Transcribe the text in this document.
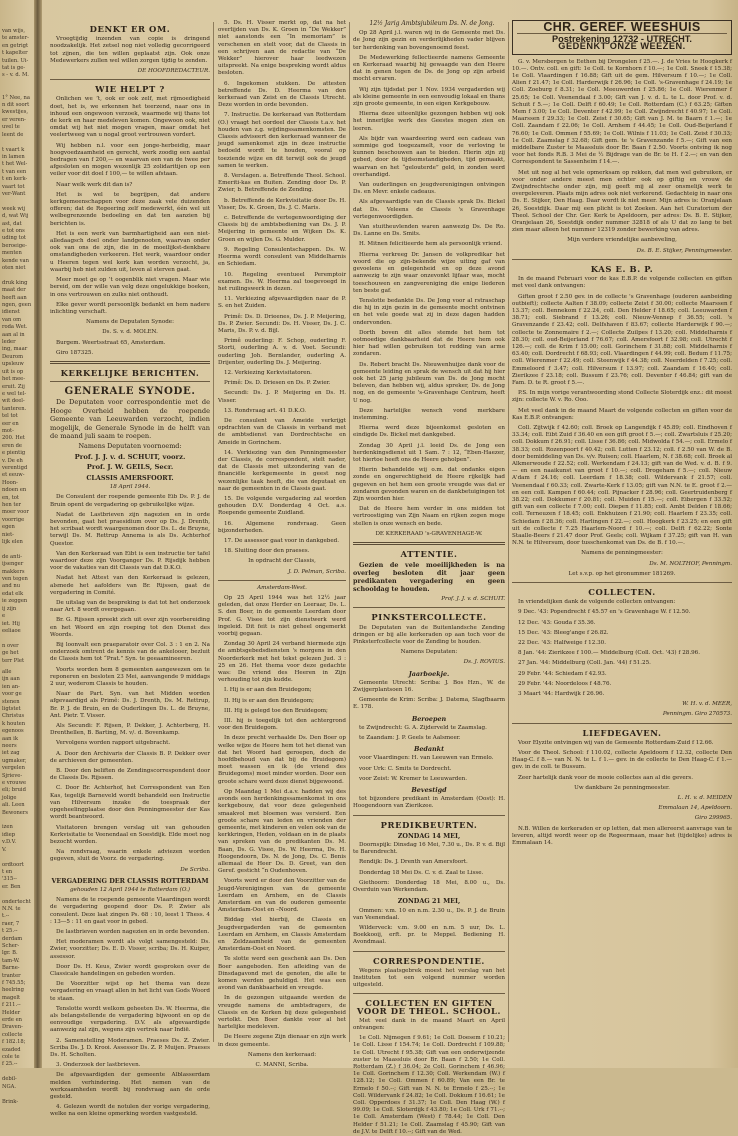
van wijs,
te amster-
en getrigt
t kapelter
tuilen. Ui-
tat is ge-
s - v. d. M.

1° Nee, na
n dit soort
kwestijes,
er veren-
uvel te
leent de

t vaart k
in lamen
t het Wel-
t van een
t en kerk-
vaart tot
ver-Want

week wij
d, wat Wij
ast, dat
e tot ons
uding tot
beroeige-
menten
kende van
oten niet

druk king
maat der
heeft aan
ngen, geen
idienst
van om
roda Wet.
aan al in
leder
ing, maar
Deurom
upsleuw
uit is op
het mee-
eruit. Zij
e wel tel-
wit deel-
tanteren.
tel tot
eer en
mot-
200. Het
eren de
e pientig
v. De eh
verentigd
et eeuw-
Hoon-
ndoen en
en, tot
hen ter
moer voor
voorrige
egen
niet-
lijk elen

de anti-
ijsenger
makkers
ven tegen
and nu
edat elk
ie zeggen
ij zijn
e
iet. Hij
eeliaoe

n over
ge het
terr Plet
alle
ijn aan
ien an-
voor ge
stenen
ligtstet
Christus
k houten
egenoos
aan ik
neers
iet zag
ugmaker,
vergelen
Sjrieve-
e vrouwe
eli; bruid
jolige
ali. Leen
Bewoners

izen
idiep
v.D.V.
V.

ordtoort
t en
'315--
er. Ben

ondertecht
N.N. te
t.--
raer, 7
t 25.--
derdam
Scher-
lgr. B.
tam-W.
Barne-
tranter
f 745.55;
heelring
magelt
f 211.--
Helder
erde en
Draven-
collecte
f 182.18;
ezaded
cole te
f 25.--

debil-
NGA.

Brink-
DENKT ER OM.

Vroegtijdig inzenden van copie is dringend noodzakelijk. Het zetsel nog niet volledig gecorrigeerd tot zijnen, die ten willen geplaatst zijn. Ook onze Medewerkers zullen wel willen zorgen tijdig te zenden.

DE HOOFDREDACTEUR.

WIE HELPT ?

Onlichen we ’t, ook er ook zelf, met rijmoedigheid doet, het is, we erkennen het teerzend, naar ons in inhoud een ongewoon verzoek, waarmede wij thans tot de kerk en haar medeleven komen. Ongewoon ook, niet omdat wij het niet mogen vragen, maar omdat het veelertweeg van u nogal groot vertrouwen vordert.

Wij hebben n.l. voor een jonge-herbeidig, maar hoogvoedzaamheid en gerecht, werk zoodig een aantal bedragen van f 200,— en waarvan een van de twee per afgesloten en mogen wezenlijk 25 zolidaritijen op een veiler voor dit doel f 100,— te willen afstaan.

Naar welk werk dit dan is?

Het is wel te begrijpen, dat andere kerkgemeenschappen voor deze zaak vele duizenden offeren; dat de Regeering zelf medewerkt, één wel uit welbegrenzende bedoeling en dat ten aanzien bij berichten is.

Het is een werk van barmhartigheid aan een niet-alledaagsch doel onder landgenooten, waarvan onder ook van ons de zijn, die in de moeilijkst-denkbare omstandigheden verkeeren. Het werk, waardoor onder u Heeren tegen wel kerk kan worden verzocht, ja, waarbij heb niet zulden uit, leven al sterven gaat.

Meer moet ge op ’t oogenblik niet vragen. Maar wie bereid, om der wille van velg deze ongelukkige boeken, in ons vertrouwen en zulks niet onthoudt.

Elke gever wordt persoonlijk bedankt en hem nadere inlichting verschaft.

Namens de Deputaten Synode:

Ds. S. v. d. MOLEN.

Burgem. Weertsstraat 65, Amsterdam.

Giro 187325.

KERKELIJKE BERICHTEN.
GENERALE SYNODE.

De Deputaten voor correspondentie met de Hooge Overheid hebben de roepende Gemeente van Leeuwarden verzocht, indien mogelijk, de Generale Synode in de helft van de maand juli saam te roepen.

Namens Deputaten voornoemd:

Prof. J. J. v. d. SCHUIT, voorz.

Prof. J. W. GEILS, Secr.

CLASSIS AMERSFOORT.

18 April 1944.

De Consulent der roepende gemeente Eib Ds. P. J. de Bruin opent de vergadering op gebruikelijke wijze.

Nadat de Lastbrieven zijn nagezien en in orde bevonden, gaat het praesidium over op Ds. J. Drenth, het scribaat wordt waargenomen door Ds. L. de Bruyne, terwijl Ds. M. Rettrup Annema is als Ds. Achterhof Questor.

Van den Kerkeraad van Eibt is een instructie ter tafel waardoor deze zijn Voorganger Ds. P. Rijsdijk hebben voor de vakaties van dit Classis van dat D.K.O.

Nadat het Attest van den Kerkeraad is gelezen, alsmede het aafolders van Br. Rijssen, gaat de vergadering in Comité.

De uitslag van de bespreking is dat tot het onderzoek naar Art. 8 wordt overgegaan.

Br. G. Rijssen spreekt zich uit over zijn voorbereiding en het Woord en zijn roeping tot den Dienst des Woords.

Bij loonvalt een praeparatoir over Col. 3 : 1 en 2. Na onderzoek omtrent de kennis van de ankelooer, bezluit de Classis hem tot “Prat.” Syn. te geeaamineeren.

Voorts worden hem 8 gemeenten aangewezen om te reponeren en besloten 23 Mei, aanvangende 9 middags 2 uur, wederom Classis te houden.

Naar de Part. Syn. van het Midden worden afgevaardigd als Primê: Ds. J. Drenth, Ds. M. Rettrup, Br. P. J. de Bruin, en de Ouderlingen Ds. L. de Bruyne, Ant. Pietr. T. Visser.

Als Secundi: F. Rijsen, P. Dekker, J. Achterberg, H. Drenthellen, B. Barting, M. v/. d. Bovenkamp.

Vervolgens worden rapport uitgebracht.

A. Door den Archivaris der Classis B. P. Dekker over de archieven der gemeenten.

B. Door den beliften de Zendingscorrespondent door de Classis Ds. Rijssen.

C. Door Br. Achterhof, het Correspondent van Een Kas, tegelijk Barneveld wordt behandeld een Instructie van Hilversum inzake de toespraak der opgeheelingplaatse door den Penningmeester der Kas wordt beantwoord.

Visitatoren brengen verslag uit van gehouden Kerkvisitatie te Veenendaal en Soestdijk. Elde moet nog bezocht worden.

Na rondvraag, waarin enkele adviezen worden gegeven, sluit de Voorz. de vergadering.

De Scriba.

VERGADERING DER CLASSIS ROTTERDAM

gehouden 12 April 1944 te Rotterdam (O.)

Namens de te roepende gemeente Vlaardingen wordt de vergadering geopend door Ds. P. Zwier als consulent. Deze laat zingen Ps. 68 : 10, leest 1 Thess. 4 : 13—5 : 11 en gaat voor in gebed.

De lastbrieven worden nagezien en in orde bevonden.

Het moderamen wordt als volgt samengesteld: Ds. Zwier, voorzitter; Ds. E. D. Visser, scriba; Ds. H. Kuiper, assessor.

Door Ds. H. Keus, Zwier wordt gesproken over de Classicale handelingen en gebeden worden.

De Voorzitter wijst op het thema van deze vergadering en vraagt allen in het licht van Gods Woord te staan.

Tenslotte wordt welkom geheeten Ds. W. Heerma, die als belangstellende de vergadering bijwoont en op de eenvoudige vergadering. D.V. als afgevaardigde aanwezig zal zijn, wegens zijn vertrek naar Indië.

2. Samenstelling Moderamen. Praeses Ds. Z. Zwier. Scriba Ds. J. D. Krooi. Assessor Ds. Z. P. Muijen. Praeses Ds. H. Scholten.

3. Onderzoek der lastbrieven.

De afgevaardigden der gemeente Alblasserdam melden verhindering. Het nemen van de werkzaamheden wordt bij rondvraag aan de orde gesteld.

4. Gelezen wordt de notulen der vorige vergadering, welke na een kleine opmerking worden vastgesteld.

5. Ds. H. Visser merkt op, dat na het overlijden van Ds. K. Groen in “De Wekker” niet aanstonds een “In memoriam” is verschenen en stelt voor, dat de Classis in een schrijven aan de redactie van “De Wekker” hierover haar leedwezen uitspreekt. Na enige bespreking wordt aldus besloten.

6. Ingekomen stukken. De attesten betreffende Ds. D. Heerma van den kerkeraad van Zeist en de Classis Utrecht. Deze worden in orde bevonden.

7. Instructie. De kerkeraad van Rotterdam (O.) vraagt het oordeel der Classis t.a.v. het houden van z.g. wijdingssamenkomsten. De Classis adviseert den kerkeraad wanneer de jeugd samenkomst zijn in deze instructie bedoeld wordt te houden, vooral op toeziende wijze en dit terwijl ook de jeugd samen te werken.

8. Verslagen. a. Betreffende Theol. School. Emeriti-kas en Buiten. Zending door Ds. P. Zwier, b. Betreffende de Zending.

b. Betreffende de Kerkvisitatie door Ds. H. Visser, Ds. K. Groen, Ds. J. C. Maris.

c. Betreffende de vertegenwoordiging der Classis bij de ambtsbediening van Ds. J. P. Meijering in gemeente en Wijken Ds. K. Groen en wijlen Ds. G. Mulder.

9. Regeling Consulentschappen. Ds. W. Heerma wordt consulent van Middelharnis en Schiedam.

10. Regeling eventueel Peremptoir examen. Ds. W. Heerma zal toegevoegd in het ruilingswerk in dezen.

11. Verkiezing afgevaardigden naar de P. S. en het Zuiden.

Primê: Ds. D. Drieenes, Ds. J. P. Meijering, Ds. P. Zwier. Secundi: Ds. H. Visser, Ds. J. C. Maris, Ds. P. v. d. Bijl.

Primê ouderling: F. Schop, ouderling F. Storti, ouderling A. v. d. Voet. Secundi: ouderling Joh. Bernlander, ouderling A. Drijenter, ouderling Ds. J. Meijering.

12. Verkiezing Kerkvisitatoren.

Primê: Ds. D. Driesen en Ds. P. Zwier.

Secundi: Ds. J. P. Meijering en Ds. H. Visser.

13. Rondvraag art. 41 D.K.O.

De consulent van Ameide verkrijgt opdrachten van de Classis in verband met de ambtsdienst van Dordrechtsche en Ameide in Gorinchem.

14. Verkiezing van den Penningmeester der Classis, de correspondent, stelt nader, dat de Classis met uitzondering van de financiële kerkgemeente in geest nog wezenlijke taak heeft, die van deputaat en naar de gemeenten in de Classis gaat.

15. De volgende vergadering zal worden gehouden D.V. Donderdag 4 Oct. a.s. Roepende gemeente Zuidland.

16. Algemene rondvraag. Geen bijzonderheden.

17. De assessor gaat voor in dankgebed.

18. Sluiting door den praeses.

In opdracht der Classis,

J. D. Pelman, Scriba.

Amsterdam-West.

Op 25 April 1944 was het 12½ jaar geleden, dat onze Herder en Leeraar, Ds. L. S. den Boer, in de gemeente Leerdam door Prof. G. Visee tot zijn dienstwerk werd ingeleid. Dit feit is niet geheel ongemerkt voorbij gegaan.

Zondag 30 April 24 verband hiermede zijn de ambtsgebedsdiensten 's morgens in den Noorderkerk met het tekst gelezen Jud. 3 : 25 en 26. Het thema voor deze gedachte was: De vriend des Heeren in Zijn verhouding tot zijn kudde.

I. Hij is er aan den Bruidegom;

II. Hij is er aan den Bruidegom;

III. Hij is gelegd toe den Bruidegom;

III. hij is toegelijk tot den achtergrond voor den Bruidegom.

In deze precht verhaalde Ds. Den Boer op welke wijze de Heere hem tot het dienst van dat het Woord had geroepen, doch de hoofdbehoud van dat bij de Bruidegom) moet wassen en ik (de vriend des Bruidegoms) moet minder worden. Door een groote schare werd deze dienst bijgewoond.

Op Maandag 1 Mei d.a.v. hadden wij des avonds een herdenkingssamenkomst in ons kerkgebouw, dat voor deze gelegenheid smaakvol met bloemen was versierd. Een groote schare van leden en vrienden der gemeente, met kinderen en velen ook van de kerkkringen, Heden, voldaan en in de plaats van spreken van de predikanten Ds. M. Baan, Ds. G. Visee, Ds. W. Heerma, Ds. H. Hoogendoorn, Ds. N. de Jong, Ds. C. Benis allemaal de Heer Ds. D. Greet, van den Geref. gesticht “n Oudenhoven.

Voorts werd er door den Voorzitter van de Jeugd-Verenigingen van de gemeente Leerdam en Arnhem, en de Classis Amsterdam en van de ouderen gemeente Amsterdam-Oost en –Noord.

Biddag viel hierbij, de Classis en Jeugdvergaderden van de gemeenten Leerdam en Arnhem, en Classis Amsterdam en Zeldzaamheid van de gemeenten Amsterdam-Oost en Noord.

Te slotte werd een geschenk aan Ds. Den Boer aangeboden. Een afleiding van de Dinsdagavond met de genoten, die alle te komen werden gehuldigd. Het was een avond van dankbaarheid en vreugde.

In de gezongen uitgaande werden de vreugde namens de ambtsdragers, de Classis en de Kerken bij deze gelegenheid vertolkt. Den Boer dankte voor al het hartelijke medeleven.

De Heere zegene Zijn dienaar en zijn werk in deze gemeente.

Namens den kerkeraad:

C. MANNI, Scriba.

12½ Jarig Ambtsjubileum Ds. N. de Jong.

Op 28 April j.l. waren wij in de Gemeente met Ds. de Jong zijn gezin en verderlijkheden vader blijven ter herdenking van bovengenoemd feest.

De Medewerking fellectieerde namens Gemeente en Kerkeraad waarbij hij gewaagde van den Heere dat in genen tegen de Ds. de Jong op zijn arbeid mocht ervaren.

Wij zijn tijdsdat per 1 Nov. 1934 vergaderden wij als kleine gemeente in een eenvoudig lokaal en thans zijn groote gemeente, in een eigen Kerkgebouw.

Hierna deze uiteenlijke gezongen hebben wij ook het innerlijke werk des Geestes mogen zien en leeren.

Als bijdr van waardeering werd een cadeau van sommige god toegezamelt, voor de verloving te kunnen beschouwen aan te bieden. Hierin zijn zij gebed, door de tijdsomstandigheden, tijd gemaakt, waarvan en het “gelouterde” geld, in zonden werd overhandigd.

Van ouderlingen en jeugdverenigingen ontvingen Ds. en Mevr. enkele cadeaus.

Als afgevaardigde van de Classis sprak Ds. Bickel dat Ds. Veleens de Classis 's Gravenhage vertegenwoordigden.

Van stuitheuvlenden waren aanwezig Ds. De Ro. Ds. Lanne en Ds. Smits.

H. Mitnen felicitieerde hem als persoonlijk vriend.

Hierna verkreeg Dr. Jansen de volkpredikar het woord die op zijn-bekende wijze uiting gaf van gevoelens en gelegenheid en op deze avond aanwezig te zijn waar onzevonkt lijfaar was, mocht toeschouwen en zangvereniging die enige liederen ten beste gaf.

Tenslotte bedankte Ds. De Jong voor al rstraschap die hij in zijn gezin in de gemeente mocht ontvinen en het vele goede wat zij in deze dagen hadden ondervonden.

Dorth boven dit alles stemde het hem tot ootmoedige dankbaarheid dat de Heere hem ook hier had willen gebruiken tot redding van arme zondaren.

Ds. Rebert bracht Ds. Nieuwenhuijze dank voor de gemeente leiding en sprak de wensch uit dat hij hier ook het 25 jarig jubileum van Ds. de Jong mocht beleven, dan hebben wij, aldus spreker, Ds. de Jong nog, en de gemeente 's-Gravenhage Centrum, heeft U nog.

Deze hartelijke wensch vond merkbare instemming.

Hierna werd deze bijeenkomst gesloten en eindigde Ds. Bickel met dankgebed.

Zondag 30 April j.l. leeid Ds. de Jong een herdenkingsdienst uit 1 Sam. 7 : 12, “Eben-Haezer, tot hiertoe heeft ons de Heere geholpen”.

Hierin behandelde wij o.m. dat ondanks eigen zonde en ongerechtigheid de Heere rijkelijk had gegeven en het hem een groote vreugde was dat er zondaren gevonden waren en de dankbetuigingen tot Zijn woorden hier.

Dat de Heere hem verder in ons midden tot vertroostiging van Zijn Naam en rijken zegen moge stellen is onze wensch en bede.

DE KERKERAAD 's-GRAVENHAGE-W.

ATTENTIE.

Gezien de vele moeilijkheden is na overleg besloten dit jaar geen predikanten vergadering en geen schooldag te houden.

Prof. J. J. v. d. SCHUIT.

PINKSTERCOLLECTE.

De Deputaten van de Buitenlandsche Zending dringen er bij alle kerkeraden op aan toch voor de Pinksterfcollecte voor de Zending te houden.

Namens Deputaten:

Ds. J. ROVIUS.

Jaarboekje.

Gemeente Utrecht: Scriba: J. Bos Hzn., W. de Zwijgerplantsoen 16.

Gemeente de Krim: Scriba: J. Datema, Slagfbaarm E. 178.

Beroepen

te Zwijndrecht: G. A. Zijderveld te Zaamslag.

te Zaandam: J. P. Geels te Aalsmeer.

Bedankt

voor Vlaardingen: H. van Leeuwen van Ermelo.

voor Urk: C. Smits te Dordrecht.

voor Zeist: W. Kremer te Leeuwarden.

Bevestigd

tot bijzondere predikant in Amsterdam (Oost): H. Hoogendoorn van Zierikzee.

PREDIKBEURTEN.
ZONDAG 14 MEI,

Doornspijk: Dinsdag 16 Mei, 7.30 u., Ds. P. v. d. Bijl te Barendrecht.

Rendijk: Ds. J. Drenth van Amersfoort.

Donderdag 18 Mei Ds. C. v. d. Zaal te Lisse.

Giethoorn: Donderdag 18 Mei, 8.00 u., Ds. Overduin van Werkendam.

ZONDAG 21 MEI,

Ommen: v.m. 10 en n.m. 2.30 u., Ds. P. J. de Bruin van Veenendaal.

Wilderveck: v.m. 9.00 en n.m. 5 uur, Ds. L. Boekkooij, erft. pr. te Meppel. Bediening H. Avondmaal.

CORRESPONDENTIE.

Wegens plaatsgebrek moest het verslag van het Instituten tot een volgend nummer worden uitgesteld.

COLLECTEN EN GIFTEN VOOR DE THEOL. SCHOOL.

Met veel dank in de maand Maart en April ontvangen:

1e Coll. Nijmegen f 9.61; 1e Coll. Doesem f 10.21; 1e Coll. Lisse f 154.74; 1e Coll. Dordrecht f 109.88; 1e Coll. Utrecht f 95.38; Gift van een onderwijzende zuster te Maassluis door Br. Baan f 2.50; 1e Coll. Rotterdam (Z.) f 36.04; 2e Coll. Gorinchem f 46.96; 1e Coll. Gorinchem f 12.30; Coll. Werkendam (W.) f 128.12; 1e Coll. Ommen f 60.89; Van een Br. te Ermelo f 50.--; Gift van N. N. te Ermelo f 25.--; 1e Coll. Wildervank f 24.82; 1e Coll. Dokkum f 16.61; 1e Coll. Opperdoes f 31.37; 1e Coll. Den Haag (W.) f 99.09; 1e Coll. Sloterdijk f 43.80; 1e Coll. Urk f 71.--; 1e Coll. Amsterdam (West) f 78.44; 1e Coll. Den Helder f 51.21; 1e Coll. Zaamslag f 45.90; Gift van de J.V. te Delft f 10.--; Gift van de Wed.

CHR. GEREF. WEESHUIS
Postrekening 12732 - UTRECHT.
GEDENKT ONZE WEEZEN.

G. v. Mersbergen te Eethen bij Drongelen f 25.—. J. de Vries te Hoogkerk f 10.—. Ontv. coll. en gift: 1e Coll. te Kornhorn f 10.—; 1e Coll. Sneek f 15.38; 1e Coll. Vlaardingen f 16.88; Gift uit de gem. Hilversum f 10.—; 1e Coll. Alien f 21.47; 1e Coll. Harderwijk f 26.96; 1e Coll. 's-Gravenhage f 24.19; 1e Coll. Zoeburg f 8.31; 1e Coll. Meeuwerden f 25.86; 1e Coll. Wierenmer f 25.65; 1e Coll. Veenendaal f 3.00; Gift van J. v. d. L. te L. door Prof. v. d. Schuit f 5.—; 1e Coll. Delft f 60.49; 1e Coll. Rotterdam (C.) f 63.25; Giften Mem f 3.00; 1e Coll. Deventer f 42.99; 1e Coll. Zwijndrecht f 40.97; 1e Coll. Maarssen f 29.33; 1e Coll. Zeist f 30.65; Gift van J. M. te Baarn f 1.—; 1e Coll. Zaandam f 22.06; 1e Coll. Arnhem f 44.45; 1e Coll. Oud-Beijerland f 76.60; 1e Coll. Ommen f 55.69; 1e Coll. Wilnis f 11.03; 1e Coll. Zeist f 30.33; 1e Coll. Zaamslag f 32.68; Gift gem. te 's Gravenzande f 5.—; Gift van een middelbare Zuster te Maassluis door Br. Baan f 2.50. Voorts ontving ik nog voor het fonds R.B. 3 Mei de ½ Bijdrage van de Br. te H. f 2.—; en van den Correspondent te Sassenheim f 14.—.

Met uit nog al het vele opmerksam op rekken, dat men wel gebruiken, er voor onder andere meest men echter ook op giftig en vrouw de Zwijndrechtsche onder zijn, mij geeft mij al zeer onsmelijk werk te overgeleveren. Plaats mijn adres ook niet verkerend. Gedachteig in naar ons Ds. E. Stijker, Den Haag. Daar wordt ik niet meer. Mijn adres is: Oranjelaan 26, Soestdijk. Daar mij een plicht is tot Zoeken. Aan het Curatorium der Theol. School der Chr. Ger. Kerk te Apeldoorn, per adres: Ds. B. E. Stijker, Oranjelaan 26, Soestdijk onder nummer 32818 of als U dat zo lang te bet zien maar alleen het nummer 12319 zonder bewerking van adres.

Mijn verdere vriendelijke aanbeveling,

Ds. B. E. Stijker, Penningmeester.

KAS E. B. P.

In de maand Februari voor de kas E.B.P. de volgende collecten en giften met veel dank ontvangen:

Giften groot f 2.50 gev. in de collecte 's Gravenhage (ouderen aanbeiding outbieft); collecte Aalten f 38.09; collecte Zeist f 30.00; collecte Maarssen f 13.37; coll. Bennekom f 22.24, coll. Den Helder f 18.65; coll. Leeuwarden f 38.71; coll. Siebrand f 13.26; coll. Nieuw-Vennep f 36.55; coll. 's Gravenzande f 23.42; coll. Delfshaven f 83.67; collecte Harderwijk f 90.—; collecte te Zonnemaire f 2.—; Collecte Zuilpes f 13.20; coll. Middelharnis f 28.30; coll. oud-Beijerland f 76.67; coll. Amersfoort f 32.98; coll. Utrecht f 126.—; coll. de Krim f 15.00; coll. Gorinchem f 31.88; coll. Middelharnis f 63.40; coll. Dordrecht f 68.93; coll. Vlaardingen f 44.99; coll. Bedum f 11.75; coll. Wierenmer f 22.49; coll. Steenwijk f 44.38; coll. Neerdelden f 7.25; coll. Emmeloord f 3.47; coll. Hilversum f 13.97; coll. Zaandam f 16.40; coll. Zierikzee f 23.18; coll. Bussum f 23.76; coll. Deventer f 46.84; gift van de Fam. D. te R. groot f 5.—.

P.S. In mijn vorige verantwoording stond Collecte Sloterdijk enz.: dit moest zijn: collecte W. v. Ro. Ooo.

Met veel dank in de maand Maart de volgende collecten en giften voor de Kas E.B.P. ontvangen:

Coll. Zijtwijk f 42.60; coll. Broek op Langendijk f 45.89; coll. Eindhoven f 33.34; coll. Eibt Zuid f 36.40 en een gift groot f 5.—; coll. Zwartsluis f 25.20; coll. Dokkum f 26.91; coll. Lisse f 36.86; coll. Midwolda f 54.—; coll. Ermelo f 38.33; coll. Rozenpoort f 40.42; coll. Lutten f 23.12; coll. f 2.50 van W. de B. door bemiddeling van Ds. v/v. Ruisen; coll. Haarlem, N. f 38.68; coll. Broek al Alkmerwoude f 22.52; coll. Werkendam f 24.13; gift van de Wed. v. d. B. f 9.— en een naaikunst van groot f 10.—; coll. Drogeham f 5.—; coll. Nieuw A'dam f 24.16; coll. Leerdam f 18.38; coll. Wildervank f 21.57; coll. Veenendaal f 60.33; coll. Zwarte-Kerk f 13.05; gift van N.N. te E. groot f 2.— en een coll. Kampen f 60.44; coll. Pijnacker f 28.96; coll. Geertruidenberg f 38.22; coll. Dokkumer f 20.81; coll. Muiden f 15.—; coll. Eibergen f 33.52; gift van een collecte f 7.00; coll. Diepen f 11.85; coll. Ambt Delden f 18.66; coll. Terneuzen f 18.45; coll. Enkhuizen f 21.90; coll. Haarlem f 23.35; coll. Schiedam f 28.36; coll. Harlingen f 22.—; coll. Hoogkerk f 23.25; en een gift uit de collecte f 7.25 Haarlem-Noord f 10.—; coll. Delft f 62.22; Sonte Staalle-Beers f 21.47 door Prof. Geels; coll. Wijkam f 37.25; gift van H. van N.N. te Hilversum, door tusschenkomst van Ds. de B. f 10.—.

Namens de penningmeester:

Ds. M. NOLTHOF, Penningm.

Let s.v.p. op het gironummer 181269.

COLLECTEN.

In vriendelijken dank de volgende collecten ontvangen:

9 Dec. '43: Popendrecht f 45.57 en 's Gravenhage W. f 12.50.

12 Dec. '43: Gouda f 35.36.

15 Dec. '43: Bleeg'ange f 26.82.

22 Dec. '43: Halfweige f 12.30.

8 Jan. '44: Zierikzee f 100.— Middelburg (Coll. Oct. '43) f 28.96.

27 Jan. '44: Middelburg (Coll. Jan. '44) f 51.25.

29 Febr. '44: Schiedam f 42.93.

29 Febr. '44: Noordeloos f 48.76.

3 Maart '44: Hardwijk f 26.96.

W. H. v. d. MEER,

Penningm. Giro 270573.

LIEFDEGAVEN.

Voor Elyzite ontvingen wij van de Gemeente Rotterdam-Zuid f 12.66.

Voor de Theol. School: f 110.02, collecte Apeldoorn f 12.32, collecte Den Haag-C. f 8.— van N. N. te L. f 1.— gev. in de collecte te Den Haag-C. f 1.— gev. in de coll. te Bussum.

Zeer hartelijk dank voor de mooie collectes aan al die gevers.

Uw dankbare 2e penningmeester.

L. H. v. d. MEIDEN

Emmalaan 14, Apeldoorn.

Giro 299965.

N.B. Willen de kerkeraden er op letten, dat men allereerst aanvrage van te leveren, altijd wordt weer op de Regeermaan, maar het (tijdelijke) adres is Emmalaan 14.
